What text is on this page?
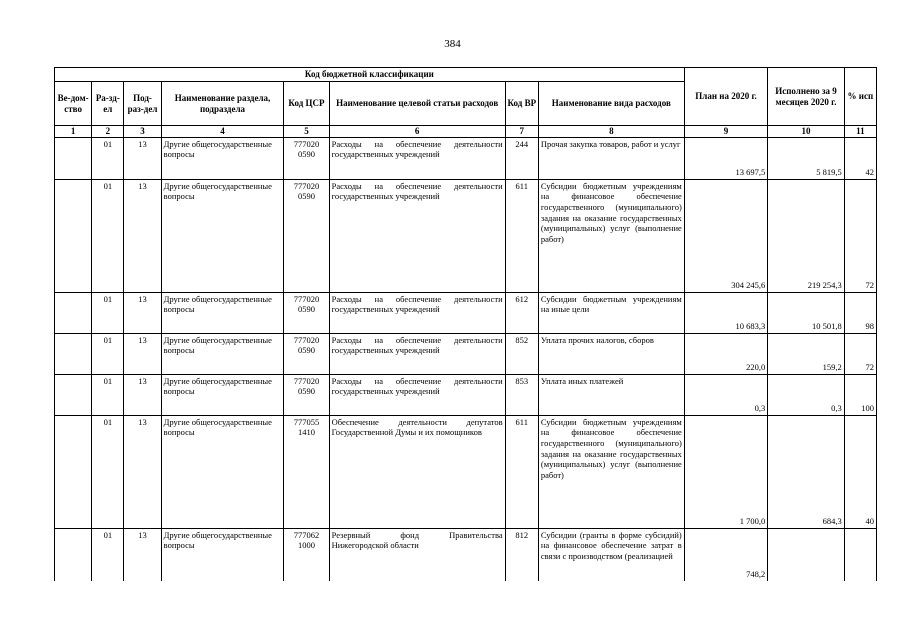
384
Код бюджетной классификации								План на 2020 г.	Исполнено за 9 месяцев 2020 г.	% исп
Ве-дом-ство	Ра-зд-ел	Под-раз-дел	Наименование раздела, подраздела	Код ЦСР	Наименование целевой статьи расходов	Код ВР	Наименование вида расходов			
1	2	3	4	5	6	7	8	9	10	11
	01	13	Другие общегосударственные вопросы	777020 0590	Расходы на обеспечение деятельности государственных учреждений	244	Прочая закупка товаров, работ и услуг	13 697,5	5 819,5	42
	01	13	Другие общегосударственные вопросы	777020 0590	Расходы на обеспечение деятельности государственных учреждений	611	Субсидии бюджетным учреждениям на финансовое обеспечение государственного (муниципального) задания на оказание государственных (муниципальных) услуг (выполнение работ)	304 245,6	219 254,3	72
	01	13	Другие общегосударственные вопросы	777020 0590	Расходы на обеспечение деятельности государственных учреждений	612	Субсидии бюджетным учреждениям на иные цели	10 683,3	10 501,8	98
	01	13	Другие общегосударственные вопросы	777020 0590	Расходы на обеспечение деятельности государственных учреждений	852	Уплата прочих налогов, сборов	220,0	159,2	72
	01	13	Другие общегосударственные вопросы	777020 0590	Расходы на обеспечение деятельности государственных учреждений	853	Уплата иных платежей	0,3	0,3	100
	01	13	Другие общегосударственные вопросы	777055 1410	Обеспечение деятельности депутатов Государственной Думы и их помощников	611	Субсидии бюджетным учреждениям на финансовое обеспечение государственного (муниципального) задания на оказание государственных (муниципальных) услуг (выполнение работ)	1 700,0	684,3	40
	01	13	Другие общегосударственные вопросы	777062 1000	Резервный фонд Правительства Нижегородской области	812	Субсидии (гранты в форме субсидий) на финансовое обеспечение затрат в связи с производством (реализацией	748,2		
